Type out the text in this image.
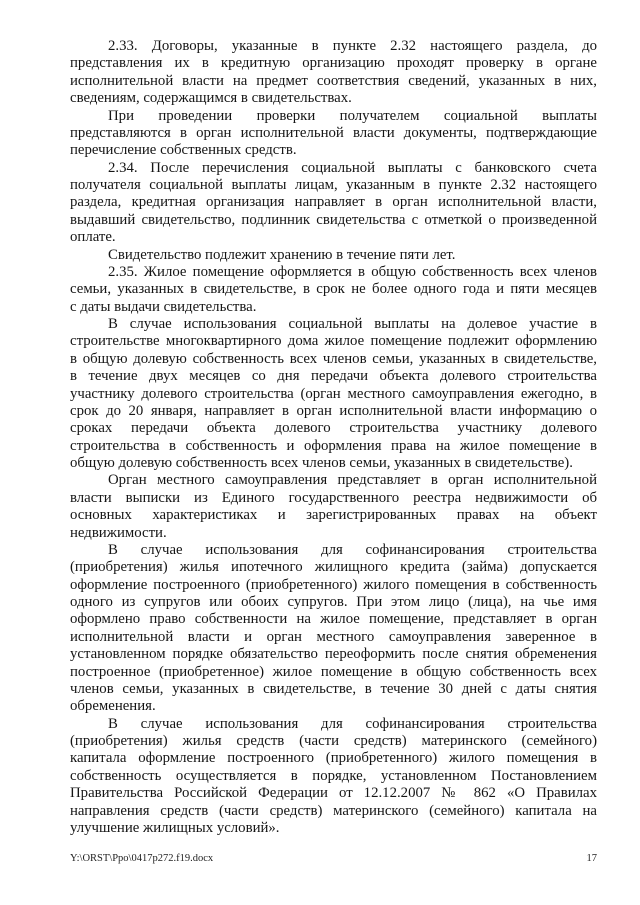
2.33. Договоры, указанные в пункте 2.32 настоящего раздела, до
представления их в кредитную организацию проходят проверку в органе
исполнительной власти на предмет соответствия сведений, указанных в них,
сведениям, содержащимся в свидетельствах.

При проведении проверки получателем социальной выплаты
представляются в орган исполнительной власти документы, подтверждающие
перечисление собственных средств.

2.34. После перечисления социальной выплаты с банковского счета
получателя социальной выплаты лицам, указанным в пункте 2.32 настоящего
раздела, кредитная организация направляет в орган исполнительной власти,
выдавший свидетельство, подлинник свидетельства с отметкой о произведенной
оплате.

Свидетельство подлежит хранению в течение пяти лет.

2.35. Жилое помещение оформляется в общую собственность всех членов
семьи, указанных в свидетельстве, в срок не более одного года и пяти месяцев
с даты выдачи свидетельства.

В случае использования социальной выплаты на долевое участие в
строительстве многоквартирного дома жилое помещение подлежит оформлению
в общую долевую собственность всех членов семьи, указанных в свидетельстве,
в течение двух месяцев со дня передачи объекта долевого строительства
участнику долевого строительства (орган местного самоуправления ежегодно, в
срок до 20 января, направляет в орган исполнительной власти информацию о
сроках передачи объекта долевого строительства участнику долевого
строительства в собственность и оформления права на жилое помещение в
общую долевую собственность всех членов семьи, указанных в свидетельстве).

Орган местного самоуправления представляет в орган исполнительной
власти выписки из Единого государственного реестра недвижимости об
основных характеристиках и зарегистрированных правах на объект
недвижимости.

В случае использования для софинансирования строительства
(приобретения) жилья ипотечного жилищного кредита (займа) допускается
оформление построенного (приобретенного) жилого помещения в собственность
одного из супругов или обоих супругов. При этом лицо (лица), на чье имя
оформлено право собственности на жилое помещение, представляет в орган
исполнительной власти и орган местного самоуправления заверенное в
установленном порядке обязательство переоформить после снятия обременения
построенное (приобретенное) жилое помещение в общую собственность всех
членов семьи, указанных в свидетельстве, в течение 30 дней с даты снятия
обременения.

В случае использования для софинансирования строительства
(приобретения) жилья средств (части средств) материнского (семейного)
капитала оформление построенного (приобретенного) жилого помещения в
собственность осуществляется в порядке, установленном Постановлением
Правительства Российской Федерации от 12.12.2007 № 862 «О Правилах
направления средств (части средств) материнского (семейного) капитала на
улучшение жилищных условий».

Y:\ORST\Ppo\0417p272.f19.docx	17
